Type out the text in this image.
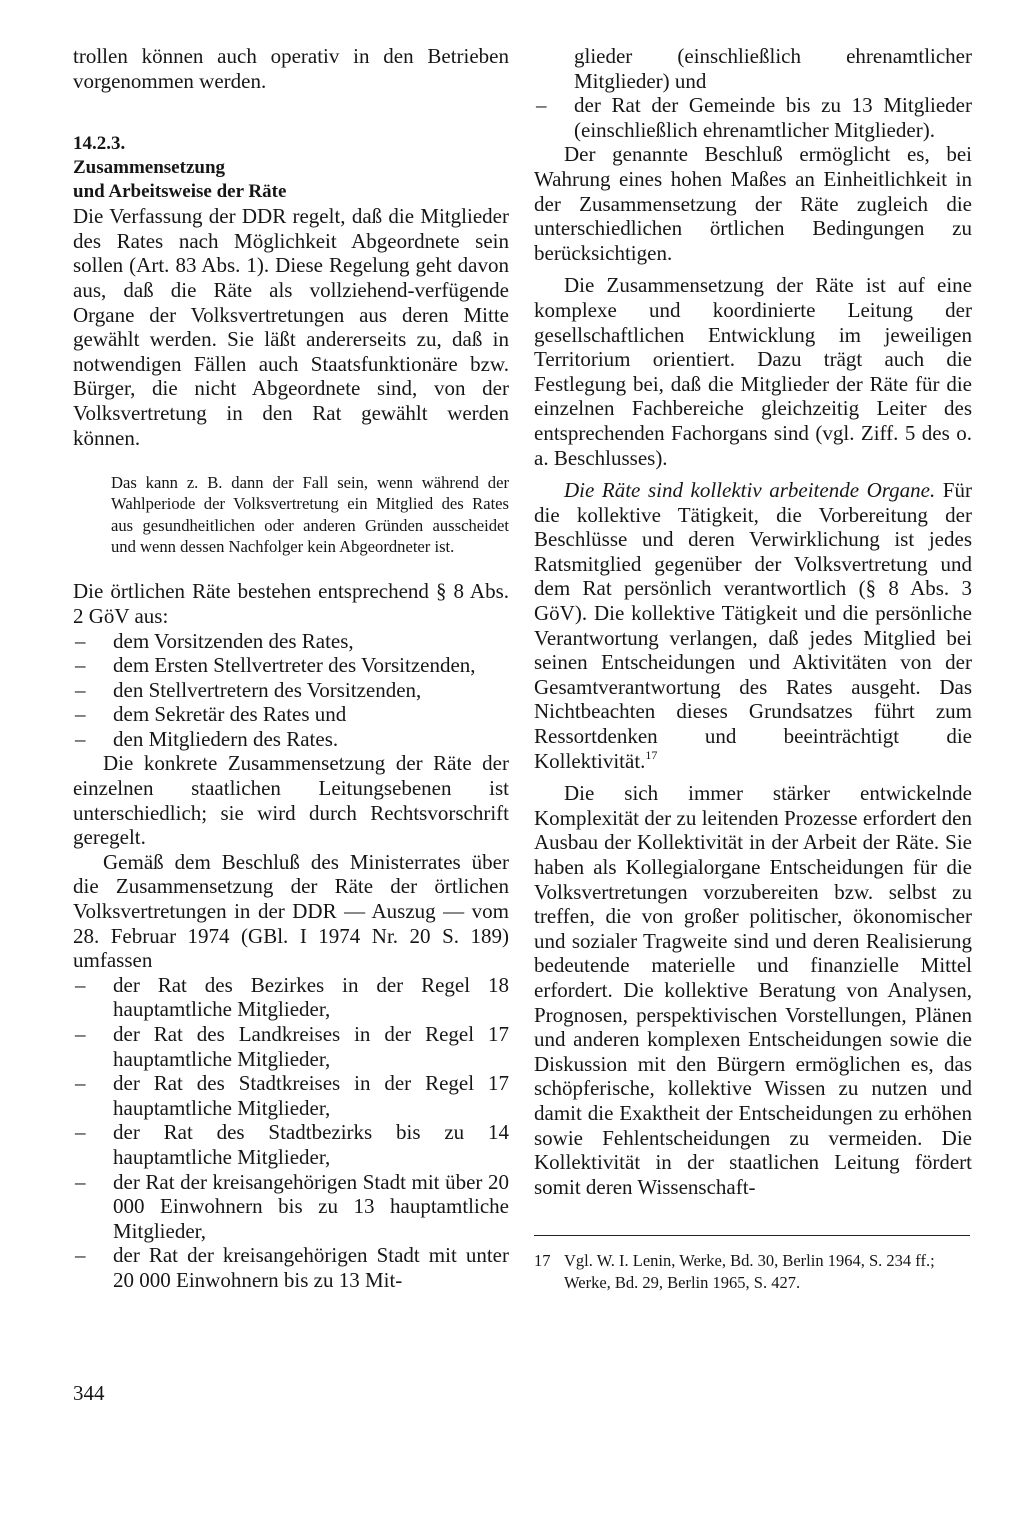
trollen können auch operativ in den Betrieben vorgenommen werden.

14.2.3.
Zusammensetzung
und Arbeitsweise der Räte

Die Verfassung der DDR regelt, daß die Mitglieder des Rates nach Möglichkeit Abgeordnete sein sollen (Art. 83 Abs. 1). Diese Regelung geht davon aus, daß die Räte als vollziehend-verfügende Organe der Volksvertretungen aus deren Mitte gewählt werden. Sie läßt andererseits zu, daß in notwendigen Fällen auch Staatsfunktionäre bzw. Bürger, die nicht Abgeordnete sind, von der Volksvertretung in den Rat gewählt werden können.

Das kann z. B. dann der Fall sein, wenn während der Wahlperiode der Volksvertretung ein Mitglied des Rates aus gesundheitlichen oder anderen Gründen ausscheidet und wenn dessen Nachfolger kein Abgeordneter ist.

Die örtlichen Räte bestehen entsprechend § 8 Abs. 2 GöV aus:

– dem Vorsitzenden des Rates,
– dem Ersten Stellvertreter des Vorsitzenden,
– den Stellvertretern des Vorsitzenden,
– dem Sekretär des Rates und
– den Mitgliedern des Rates.

Die konkrete Zusammensetzung der Räte der einzelnen staatlichen Leitungsebenen ist unterschiedlich; sie wird durch Rechtsvorschrift geregelt.

Gemäß dem Beschluß des Ministerrates über die Zusammensetzung der Räte der örtlichen Volksvertretungen in der DDR — Auszug — vom 28. Februar 1974 (GBl. I 1974 Nr. 20 S. 189) umfassen

– der Rat des Bezirkes in der Regel 18 hauptamtliche Mitglieder,
– der Rat des Landkreises in der Regel 17 hauptamtliche Mitglieder,
– der Rat des Stadtkreises in der Regel 17 hauptamtliche Mitglieder,
– der Rat des Stadtbezirks bis zu 14 hauptamtliche Mitglieder,
– der Rat der kreisangehörigen Stadt mit über 20 000 Einwohnern bis zu 13 hauptamtliche Mitglieder,
– der Rat der kreisangehörigen Stadt mit unter 20 000 Einwohnern bis zu 13 Mit-
glieder (einschließlich ehrenamtlicher Mitglieder) und
– der Rat der Gemeinde bis zu 13 Mitglieder (einschließlich ehrenamtlicher Mitglieder).

Der genannte Beschluß ermöglicht es, bei Wahrung eines hohen Maßes an Einheitlichkeit in der Zusammensetzung der Räte zugleich die unterschiedlichen örtlichen Bedingungen zu berücksichtigen.

Die Zusammensetzung der Räte ist auf eine komplexe und koordinierte Leitung der gesellschaftlichen Entwicklung im jeweiligen Territorium orientiert. Dazu trägt auch die Festlegung bei, daß die Mitglieder der Räte für die einzelnen Fachbereiche gleichzeitig Leiter des entsprechenden Fachorgans sind (vgl. Ziff. 5 des o. a. Beschlusses).

Die Räte sind kollektiv arbeitende Organe. Für die kollektive Tätigkeit, die Vorbereitung der Beschlüsse und deren Verwirklichung ist jedes Ratsmitglied gegenüber der Volksvertretung und dem Rat persönlich verantwortlich (§ 8 Abs. 3 GöV). Die kollektive Tätigkeit und die persönliche Verantwortung verlangen, daß jedes Mitglied bei seinen Entscheidungen und Aktivitäten von der Gesamtverantwortung des Rates ausgeht. Das Nichtbeachten dieses Grundsatzes führt zum Ressortdenken und beeinträchtigt die Kollektivität.$^{17}$

Die sich immer stärker entwickelnde Komplexität der zu leitenden Prozesse erfordert den Ausbau der Kollektivität in der Arbeit der Räte. Sie haben als Kollegialorgane Entscheidungen für die Volksvertretungen vorzubereiten bzw. selbst zu treffen, die von großer politischer, ökonomischer und sozialer Tragweite sind und deren Realisierung bedeutende materielle und finanzielle Mittel erfordert. Die kollektive Beratung von Analysen, Prognosen, perspektivischen Vorstellungen, Plänen und anderen komplexen Entscheidungen sowie die Diskussion mit den Bürgern ermöglichen es, das schöpferische, kollektive Wissen zu nutzen und damit die Exaktheit der Entscheidungen zu erhöhen sowie Fehlentscheidungen zu vermeiden. Die Kollektivität in der staatlichen Leitung fördert somit deren Wissenschaft-

17 Vgl. W. I. Lenin, Werke, Bd. 30, Berlin 1964, S. 234 ff.; Werke, Bd. 29, Berlin 1965, S. 427.
344
